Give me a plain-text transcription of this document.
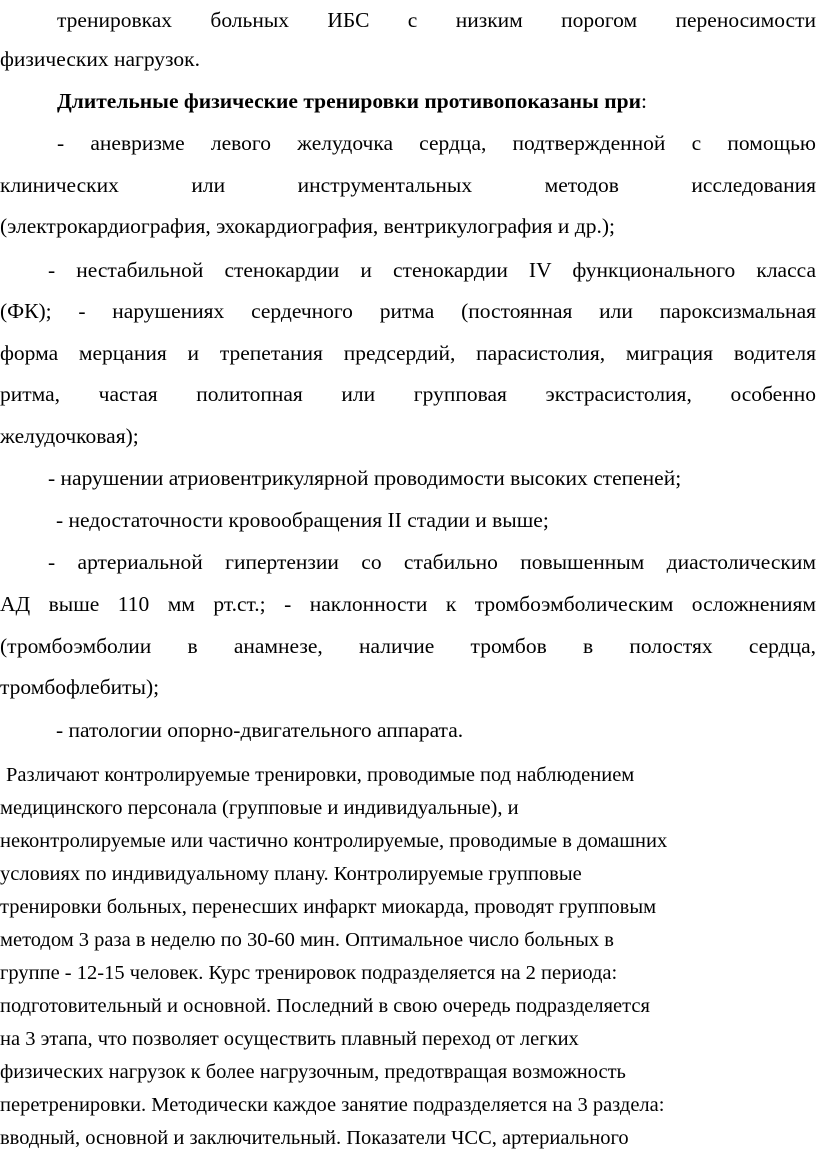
тренировках больных ИБС с низким порогом переносимости
физических нагрузок.
Длительные физические тренировки противопоказаны при:
- аневризме левого желудочка сердца, подтвержденной с помощью
клинических или инструментальных методов исследования
(электрокардиография, эхокардиография, вентрикулография и др.);
- нестабильной стенокардии и стенокардии IV функционального класса
(ФК); - нарушениях сердечного ритма (постоянная или пароксизмальная
форма мерцания и трепетания предсердий, парасистолия, миграция водителя
ритма, частая политопная или групповая экстрасистолия, особенно
желудочковая);
- нарушении атриовентрикулярной проводимости высоких степеней;
- недостаточности кровообращения II стадии и выше;
- артериальной гипертензии со стабильно повышенным диастолическим
АД выше 110 мм рт.ст.; - наклонности к тромбоэмболическим осложнениям
(тромбоэмболии в анамнезе, наличие тромбов в полостях сердца,
тромбофлебиты);
- патологии опорно-двигательного аппарата.
Различают контролируемые тренировки, проводимые под наблюдением
медицинского персонала (групповые и индивидуальные), и
неконтролируемые или частично контролируемые, проводимые в домашних
условиях по индивидуальному плану. Контролируемые групповые
тренировки больных, перенесших инфаркт миокарда, проводят групповым
методом 3 раза в неделю по 30-60 мин. Оптимальное число больных в
группе - 12-15 человек. Курс тренировок подразделяется на 2 периода:
подготовительный и основной. Последний в свою очередь подразделяется
на 3 этапа, что позволяет осуществить плавный переход от легких
физических нагрузок к более нагрузочным, предотвращая возможность
перетренировки. Методически каждое занятие подразделяется на 3 раздела:
вводный, основной и заключительный. Показатели ЧСС, артериального
